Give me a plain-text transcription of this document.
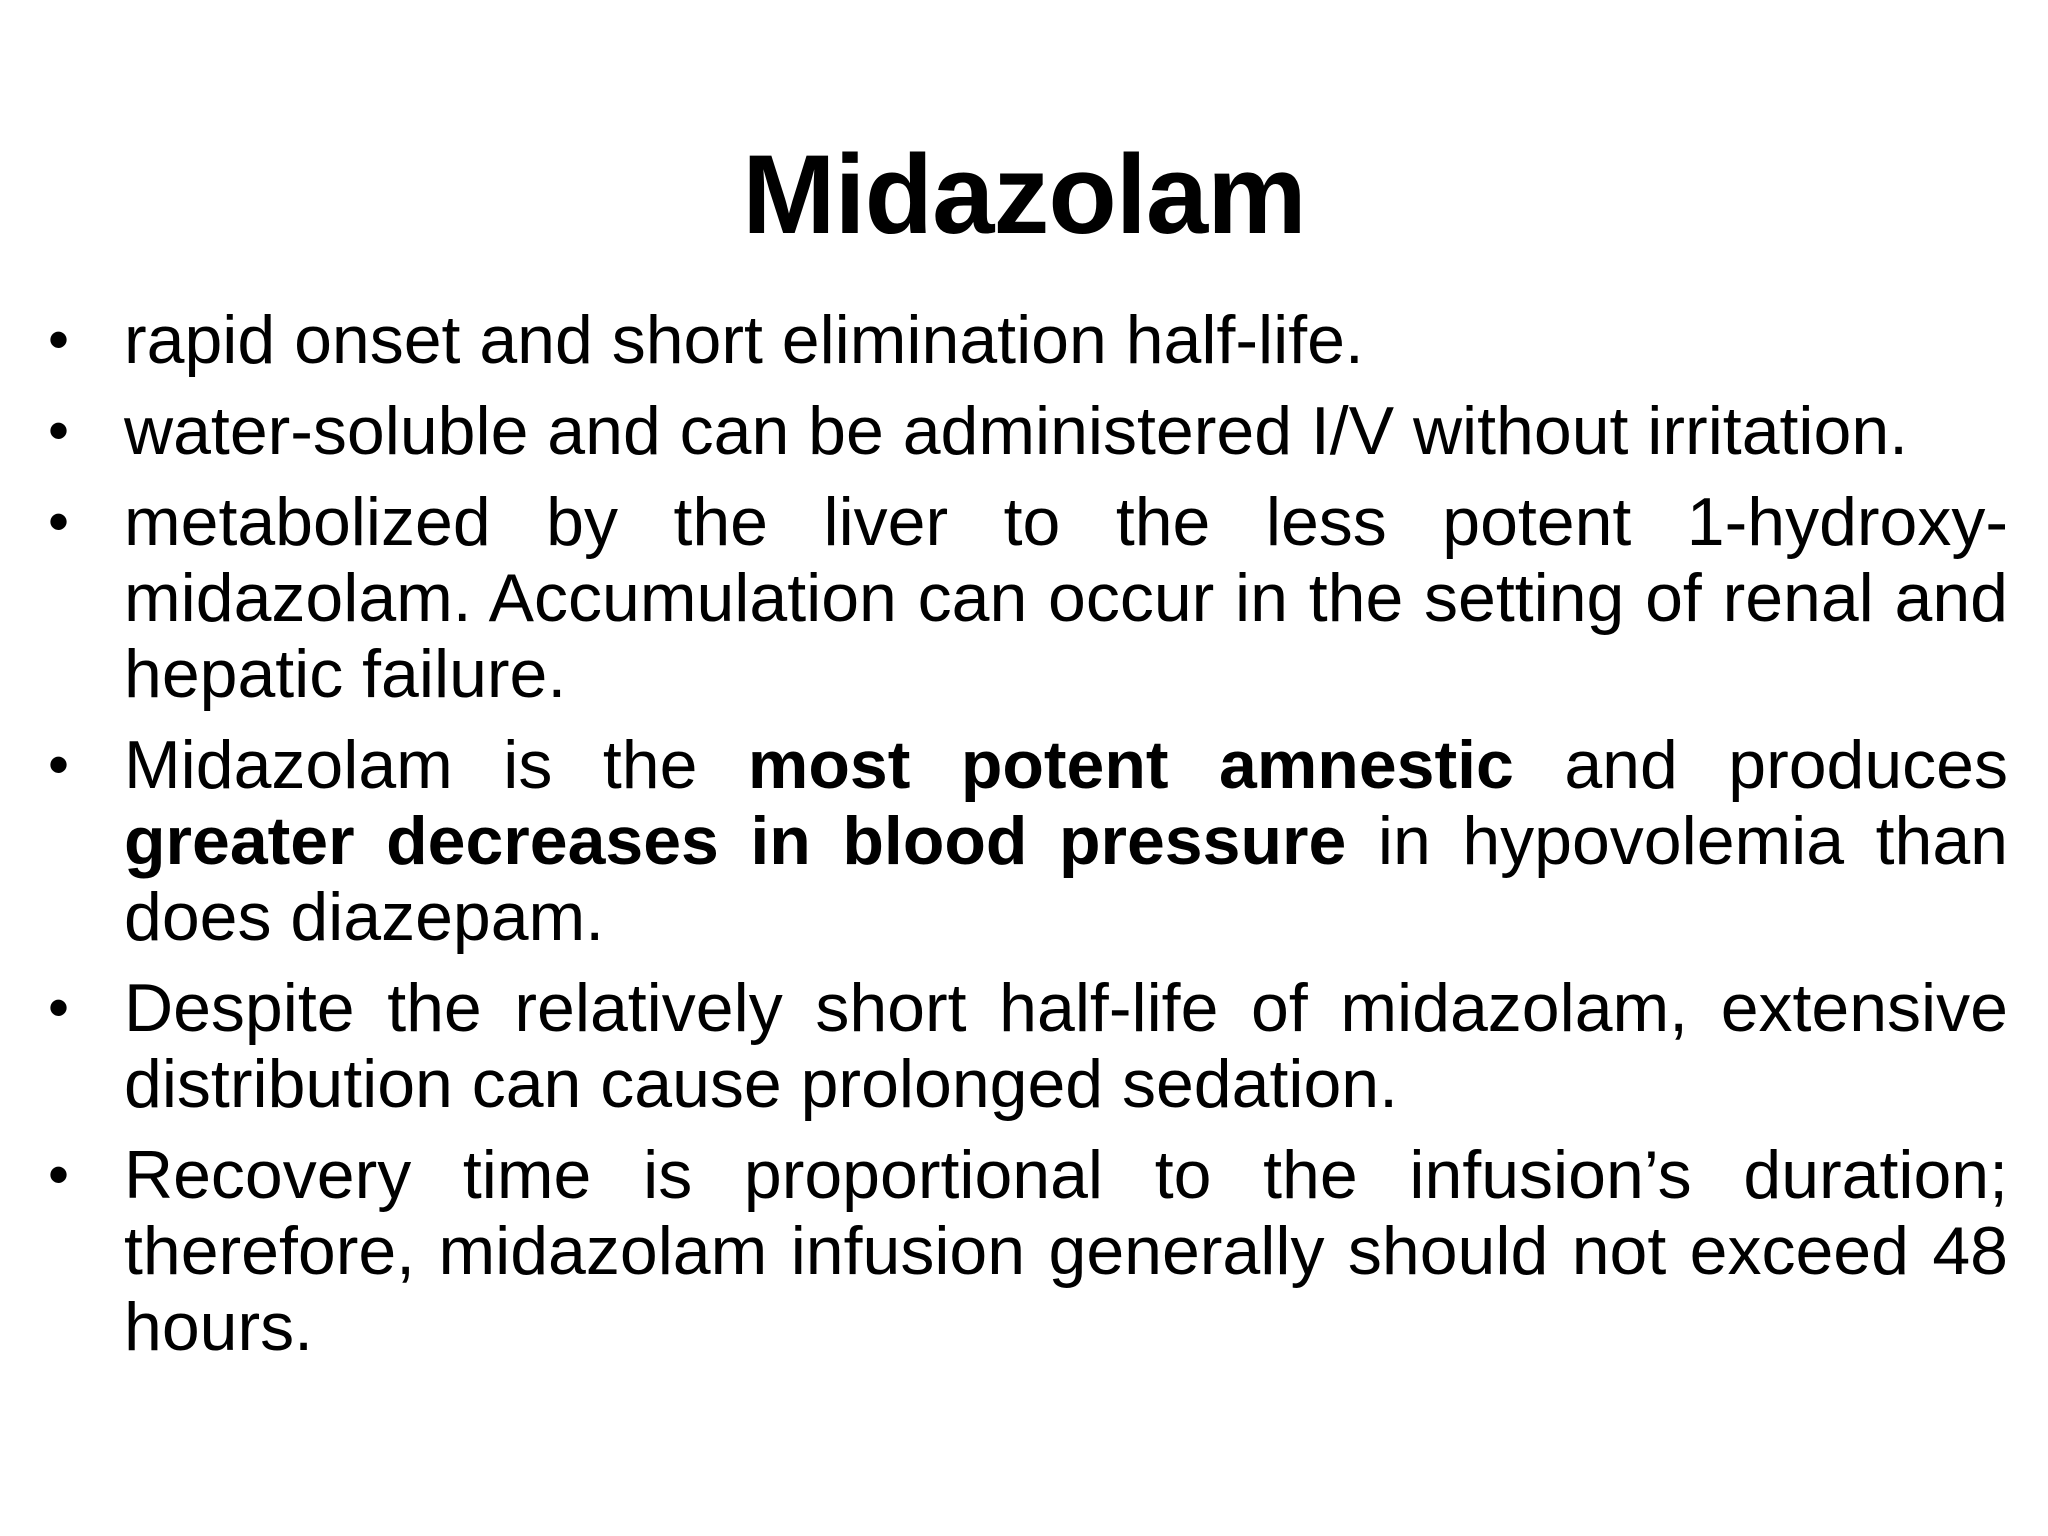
Midazolam
• rapid onset and short elimination half-life.
• water-soluble and can be administered I/V without irritation.
• metabolized by the liver to the less potent 1-hydroxy-midazolam. Accumulation can occur in the setting of renal and hepatic failure.
• Midazolam is the most potent amnestic and produces greater decreases in blood pressure in hypovolemia than does diazepam.
• Despite the relatively short half-life of midazolam, extensive distribution can cause prolonged sedation.
• Recovery time is proportional to the infusion’s duration; therefore, midazolam infusion generally should not exceed 48 hours.
